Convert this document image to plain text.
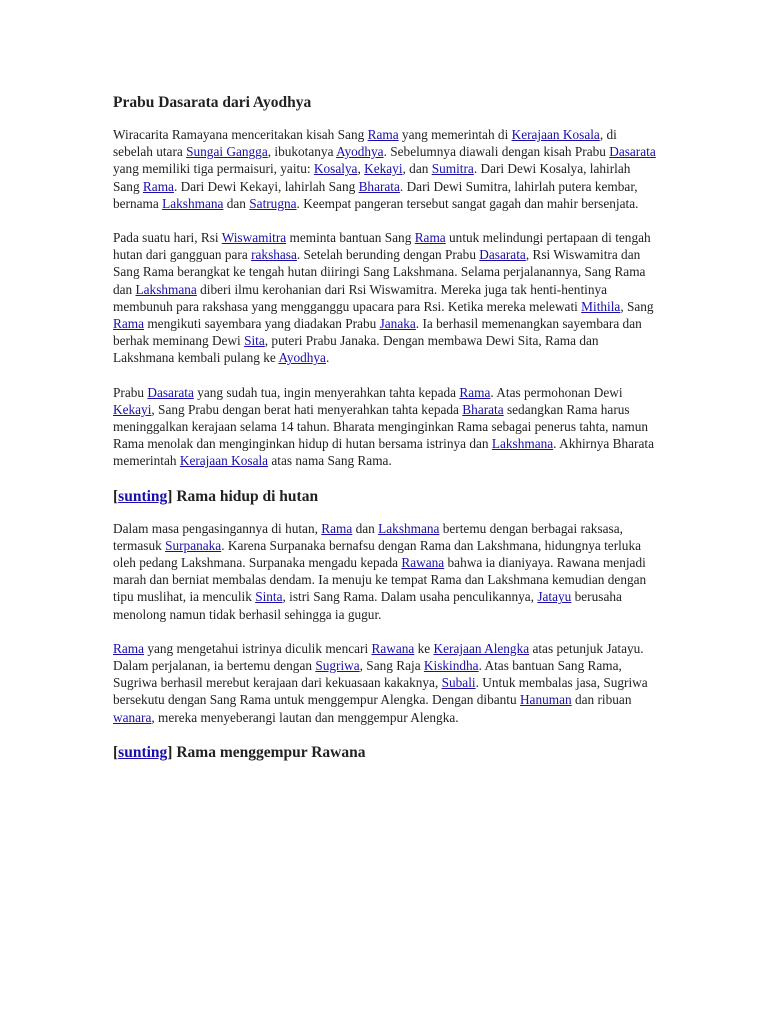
Prabu Dasarata dari Ayodhya

Wiracarita Ramayana menceritakan kisah Sang Rama yang memerintah di Kerajaan Kosala, di sebelah utara Sungai Gangga, ibukotanya Ayodhya. Sebelumnya diawali dengan kisah Prabu Dasarata yang memiliki tiga permaisuri, yaitu: Kosalya, Kekayi, dan Sumitra. Dari Dewi Kosalya, lahirlah Sang Rama. Dari Dewi Kekayi, lahirlah Sang Bharata. Dari Dewi Sumitra, lahirlah putera kembar, bernama Lakshmana dan Satrugna. Keempat pangeran tersebut sangat gagah dan mahir bersenjata.

Pada suatu hari, Rsi Wiswamitra meminta bantuan Sang Rama untuk melindungi pertapaan di tengah hutan dari gangguan para rakshasa. Setelah berunding dengan Prabu Dasarata, Rsi Wiswamitra dan Sang Rama berangkat ke tengah hutan diiringi Sang Lakshmana. Selama perjalanannya, Sang Rama dan Lakshmana diberi ilmu kerohanian dari Rsi Wiswamitra. Mereka juga tak henti-hentinya membunuh para rakshasa yang mengganggu upacara para Rsi. Ketika mereka melewati Mithila, Sang Rama mengikuti sayembara yang diadakan Prabu Janaka. Ia berhasil memenangkan sayembara dan berhak meminang Dewi Sita, puteri Prabu Janaka. Dengan membawa Dewi Sita, Rama dan Lakshmana kembali pulang ke Ayodhya.

Prabu Dasarata yang sudah tua, ingin menyerahkan tahta kepada Rama. Atas permohonan Dewi Kekayi, Sang Prabu dengan berat hati menyerahkan tahta kepada Bharata sedangkan Rama harus meninggalkan kerajaan selama 14 tahun. Bharata menginginkan Rama sebagai penerus tahta, namun Rama menolak dan menginginkan hidup di hutan bersama istrinya dan Lakshmana. Akhirnya Bharata memerintah Kerajaan Kosala atas nama Sang Rama.

[sunting] Rama hidup di hutan

Dalam masa pengasingannya di hutan, Rama dan Lakshmana bertemu dengan berbagai raksasa, termasuk Surpanaka. Karena Surpanaka bernafsu dengan Rama dan Lakshmana, hidungnya terluka oleh pedang Lakshmana. Surpanaka mengadu kepada Rawana bahwa ia dianiyaya. Rawana menjadi marah dan berniat membalas dendam. Ia menuju ke tempat Rama dan Lakshmana kemudian dengan tipu muslihat, ia menculik Sinta, istri Sang Rama. Dalam usaha penculikannya, Jatayu berusaha menolong namun tidak berhasil sehingga ia gugur.

Rama yang mengetahui istrinya diculik mencari Rawana ke Kerajaan Alengka atas petunjuk Jatayu. Dalam perjalanan, ia bertemu dengan Sugriwa, Sang Raja Kiskindha. Atas bantuan Sang Rama, Sugriwa berhasil merebut kerajaan dari kekuasaan kakaknya, Subali. Untuk membalas jasa, Sugriwa bersekutu dengan Sang Rama untuk menggempur Alengka. Dengan dibantu Hanuman dan ribuan wanara, mereka menyeberangi lautan dan menggempur Alengka.

[sunting] Rama menggempur Rawana
